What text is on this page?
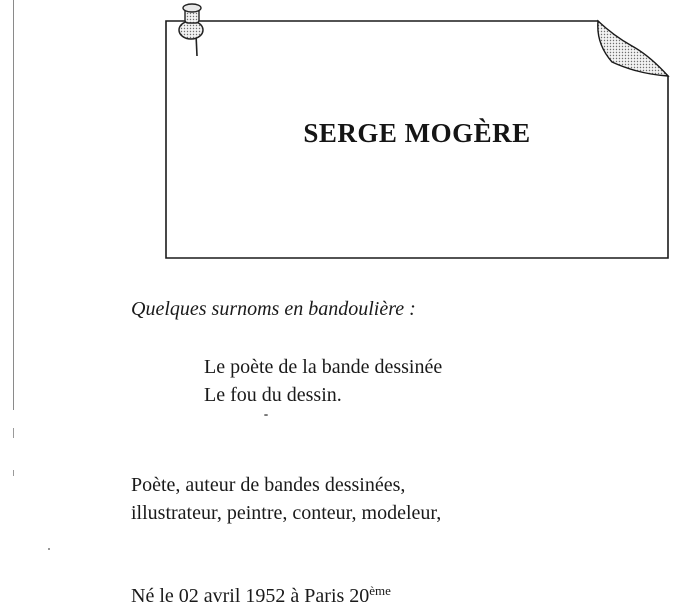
SERGE MOGÈRE

Quelques surnoms en bandoulière :

Le poète de la bande dessinée

Le fou du dessin.

Poète, auteur de bandes dessinées,

illustrateur, peintre, conteur, modeleur,

Né le 02 avril 1952 à Paris 20ème
